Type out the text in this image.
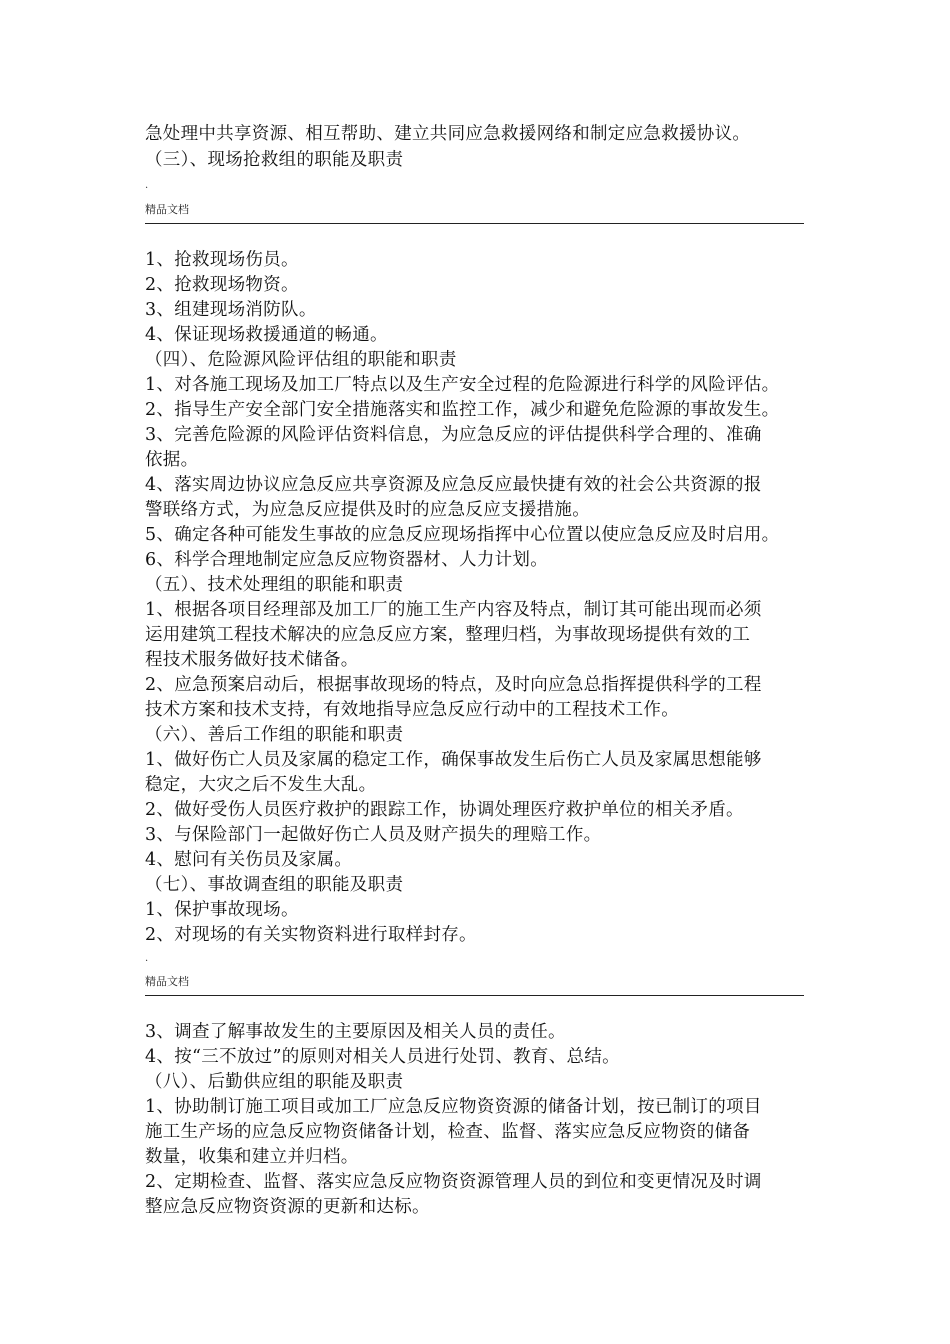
急处理中共享资源、相互帮助、建立共同应急救援网络和制定应急救援协议。
（三）、现场抢救组的职能及职责
.
精品文档
1、抢救现场伤员。
2、抢救现场物资。
3、组建现场消防队。
4、保证现场救援通道的畅通。
（四）、危险源风险评估组的职能和职责
1、对各施工现场及加工厂特点以及生产安全过程的危险源进行科学的风险评估。
2、指导生产安全部门安全措施落实和监控工作，减少和避免危险源的事故发生。
3、完善危险源的风险评估资料信息，为应急反应的评估提供科学合理的、准确
依据。
4、落实周边协议应急反应共享资源及应急反应最快捷有效的社会公共资源的报
警联络方式，为应急反应提供及时的应急反应支援措施。
5、确定各种可能发生事故的应急反应现场指挥中心位置以使应急反应及时启用。
6、科学合理地制定应急反应物资器材、人力计划。
（五）、技术处理组的职能和职责
1、根据各项目经理部及加工厂的施工生产内容及特点，制订其可能出现而必须
运用建筑工程技术解决的应急反应方案，整理归档，为事故现场提供有效的工
程技术服务做好技术储备。
2、应急预案启动后，根据事故现场的特点，及时向应急总指挥提供科学的工程
技术方案和技术支持，有效地指导应急反应行动中的工程技术工作。
（六）、善后工作组的职能和职责
1、做好伤亡人员及家属的稳定工作，确保事故发生后伤亡人员及家属思想能够
稳定，大灾之后不发生大乱。
2、做好受伤人员医疗救护的跟踪工作，协调处理医疗救护单位的相关矛盾。
3、与保险部门一起做好伤亡人员及财产损失的理赔工作。
4、慰问有关伤员及家属。
（七）、事故调查组的职能及职责
1、保护事故现场。
2、对现场的有关实物资料进行取样封存。
.
精品文档
3、调查了解事故发生的主要原因及相关人员的责任。
4、按“三不放过”的原则对相关人员进行处罚、教育、总结。
（八）、后勤供应组的职能及职责
1、协助制订施工项目或加工厂应急反应物资资源的储备计划，按已制订的项目
施工生产场的应急反应物资储备计划，检查、监督、落实应急反应物资的储备
数量，收集和建立并归档。
2、定期检查、监督、落实应急反应物资资源管理人员的到位和变更情况及时调
整应急反应物资资源的更新和达标。
